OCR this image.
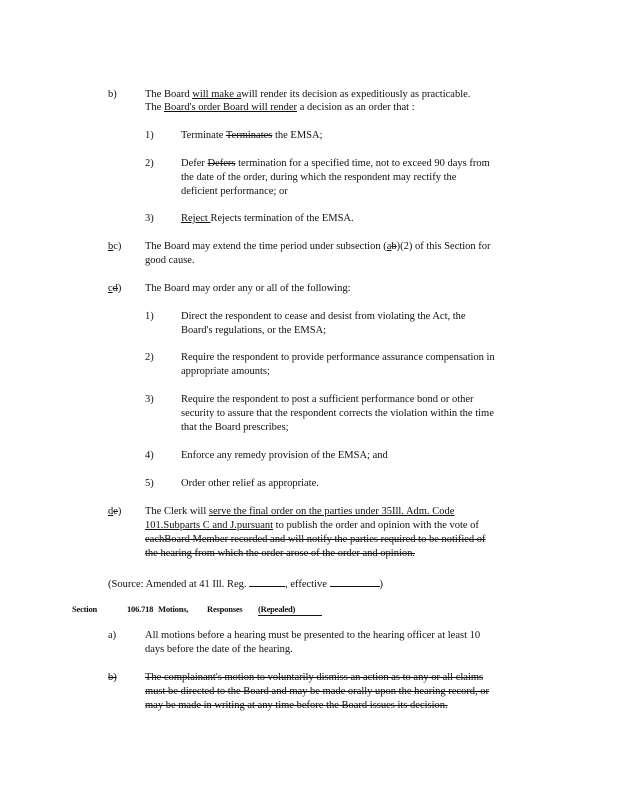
b)	The Board will make awill render its decision as expeditiously as practicable.
The Board's order Board will render a decision as an order that :
1)	Terminate Terminates the EMSA;
2)	Defer Defers termination for a specified time, not to exceed 90 days from
the date of the order, during which the respondent may rectify the
deficient performance; or
3)	Reject Rejects termination of the EMSA.
bc) The Board may extend the time period under subsection (ab)(2) of this Section for
good cause.
cd) The Board may order any or all of the following:
1)	Direct the respondent to cease and desist from violating the Act, the
Board's regulations, or the EMSA;
2)	Require the respondent to provide performance assurance compensation in
appropriate amounts;
3)	Require the respondent to post a sufficient performance bond or other
security to assure that the respondent corrects the violation within the time
that the Board prescribes;
4)	Enforce any remedy provision of the EMSA; and
5)	Order other relief as appropriate.
de) The Clerk will serve the final order on the parties under 35Ill. Adm. Code
101.Subparts C and J.pursuant to publish the order and opinion with the vote of
eachBoard Member recorded and will notify the parties required to be notified of
the hearing from which the order arose of the order and opinion.
(Source: Amended at 41 Ill. Reg.	, effective	)
Section	106.718 Motions, Responses (Repealed)
a)	All motions before a hearing must be presented to the hearing officer at least 10
days before the date of the hearing.
b)	The complainant's motion to voluntarily dismiss an action as to any or all claims
must be directed to the Board and may be made orally upon the hearing record, or
may be made in writing at any time before the Board issues its decision.
